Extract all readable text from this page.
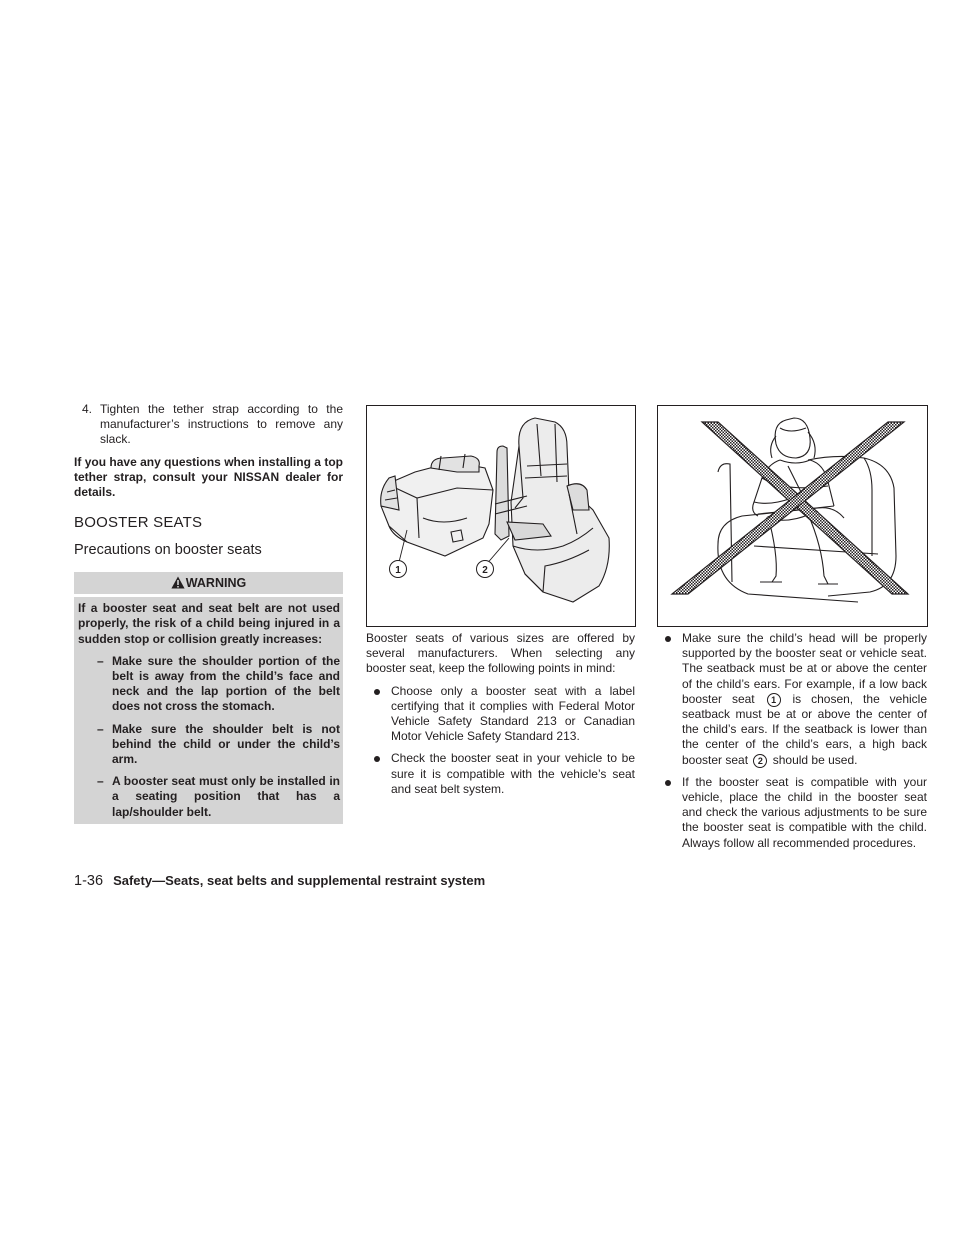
4. Tighten the tether strap according to the manufacturer’s instructions to remove any slack.

If you have any questions when installing a top tether strap, consult your NISSAN dealer for details.

BOOSTER SEATS
Precautions on booster seats
WARNING

If a booster seat and seat belt are not used properly, the risk of a child being injured in a sudden stop or collision greatly increases:

– Make sure the shoulder portion of the belt is away from the child’s face and neck and the lap portion of the belt does not cross the stomach.
– Make sure the shoulder belt is not behind the child or under the child’s arm.
– A booster seat must only be installed in a seating position that has a lap/shoulder belt.
1	2

Booster seats of various sizes are offered by several manufacturers. When selecting any booster seat, keep the following points in mind:

Choose only a booster seat with a label certifying that it complies with Federal Motor Vehicle Safety Standard 213 or Canadian Motor Vehicle Safety Standard 213.
Check the booster seat in your vehicle to be sure it is compatible with the vehicle’s seat and seat belt system.
Make sure the child’s head will be properly supported by the booster seat or vehicle seat. The seatback must be at or above the center of the child’s ears. For example, if a low back booster seat 1 is chosen, the vehicle seatback must be at or above the center of the child’s ears. If the seatback is lower than the center of the child’s ears, a high back booster seat 2 should be used.
If the booster seat is compatible with your vehicle, place the child in the booster seat and check the various adjustments to be sure the booster seat is compatible with the child. Always follow all recommended procedures.
1-36 Safety—Seats, seat belts and supplemental restraint system
